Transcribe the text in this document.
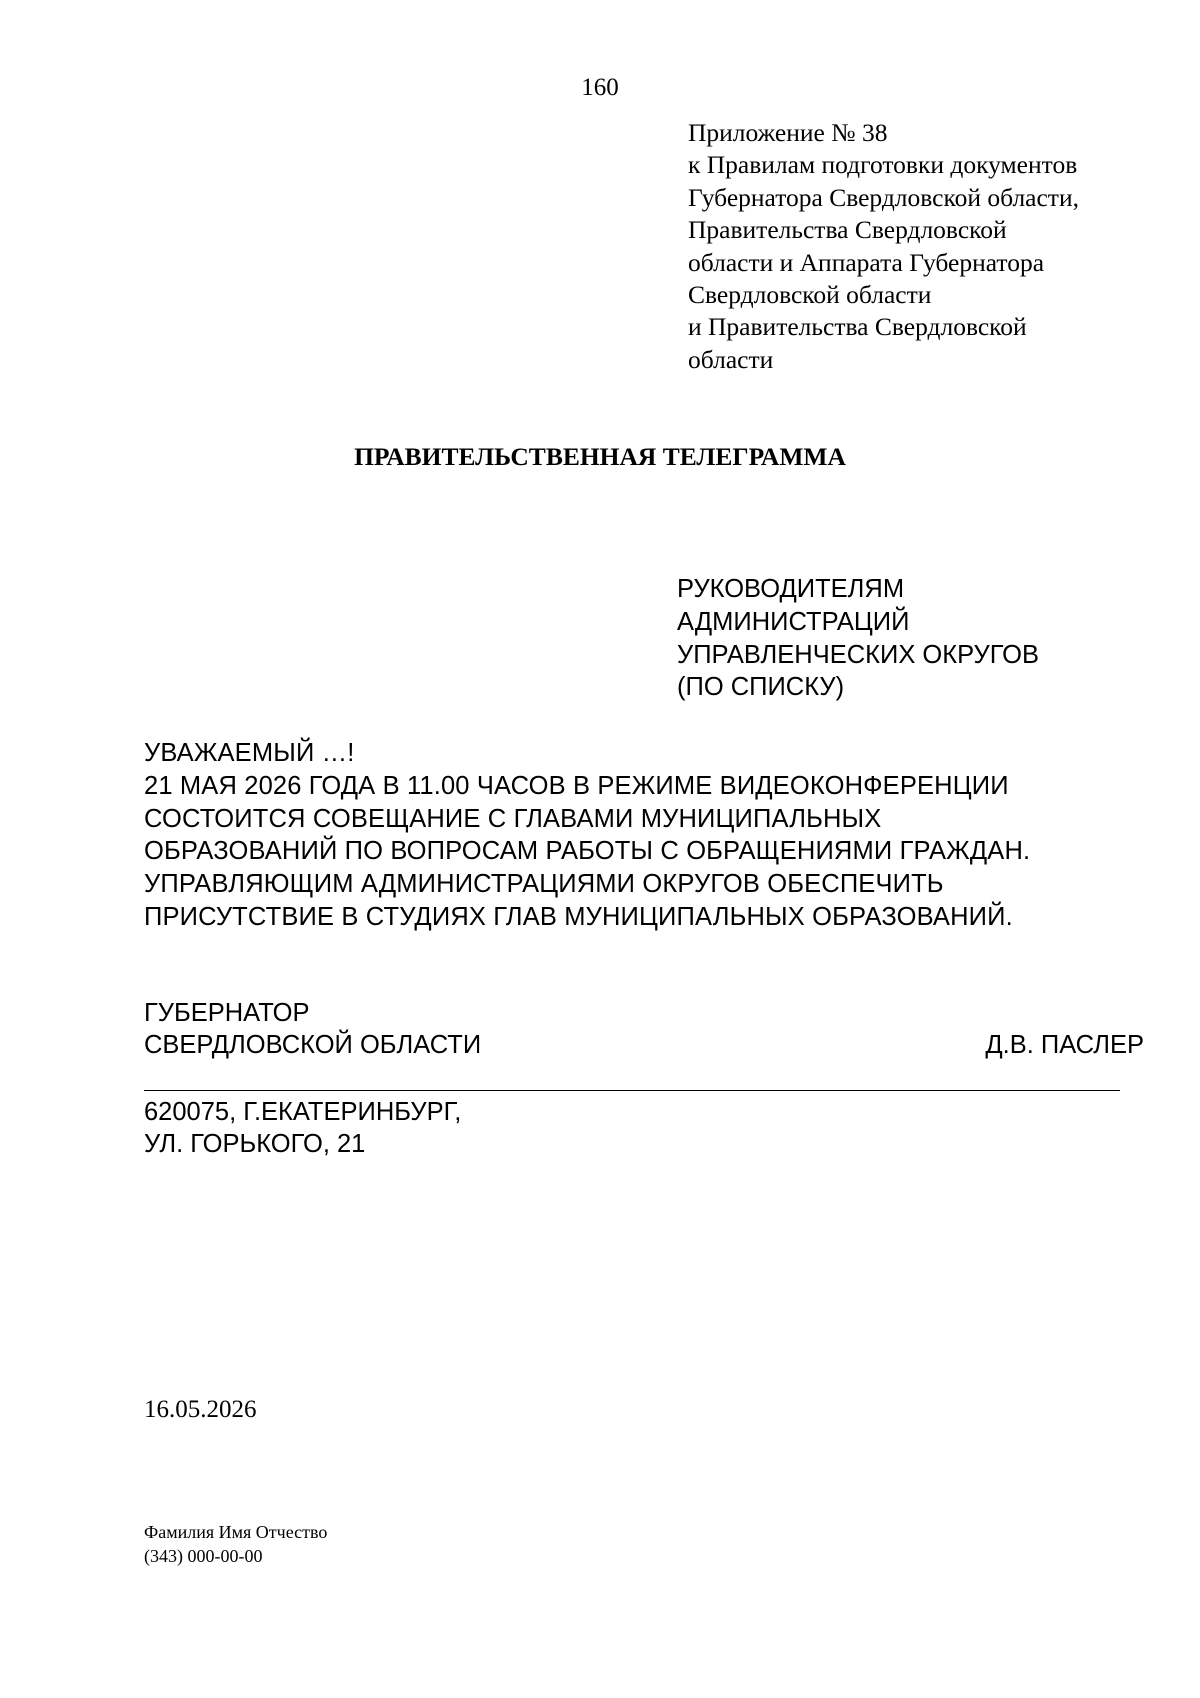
160
Приложение № 38
к Правилам подготовки документов
Губернатора Свердловской области,
Правительства Свердловской
области и Аппарата Губернатора
Свердловской области
и Правительства Свердловской
области
ПРАВИТЕЛЬСТВЕННАЯ ТЕЛЕГРАММА
РУКОВОДИТЕЛЯМ
АДМИНИСТРАЦИЙ
УПРАВЛЕНЧЕСКИХ ОКРУГОВ
(ПО СПИСКУ)
УВАЖАЕМЫЙ …!
21 МАЯ 2026 ГОДА В 11.00 ЧАСОВ В РЕЖИМЕ ВИДЕОКОНФЕРЕНЦИИ
СОСТОИТСЯ СОВЕЩАНИЕ С ГЛАВАМИ МУНИЦИПАЛЬНЫХ
ОБРАЗОВАНИЙ ПО ВОПРОСАМ РАБОТЫ С ОБРАЩЕНИЯМИ ГРАЖДАН.
УПРАВЛЯЮЩИМ АДМИНИСТРАЦИЯМИ ОКРУГОВ ОБЕСПЕЧИТЬ
ПРИСУТСТВИЕ В СТУДИЯХ ГЛАВ МУНИЦИПАЛЬНЫХ ОБРАЗОВАНИЙ.
ГУБЕРНАТОР
СВЕРДЛОВСКОЙ ОБЛАСТИ	Д.В. ПАСЛЕР
620075, Г.ЕКАТЕРИНБУРГ,
УЛ. ГОРЬКОГО, 21
16.05.2026
Фамилия Имя Отчество
(343) 000-00-00
